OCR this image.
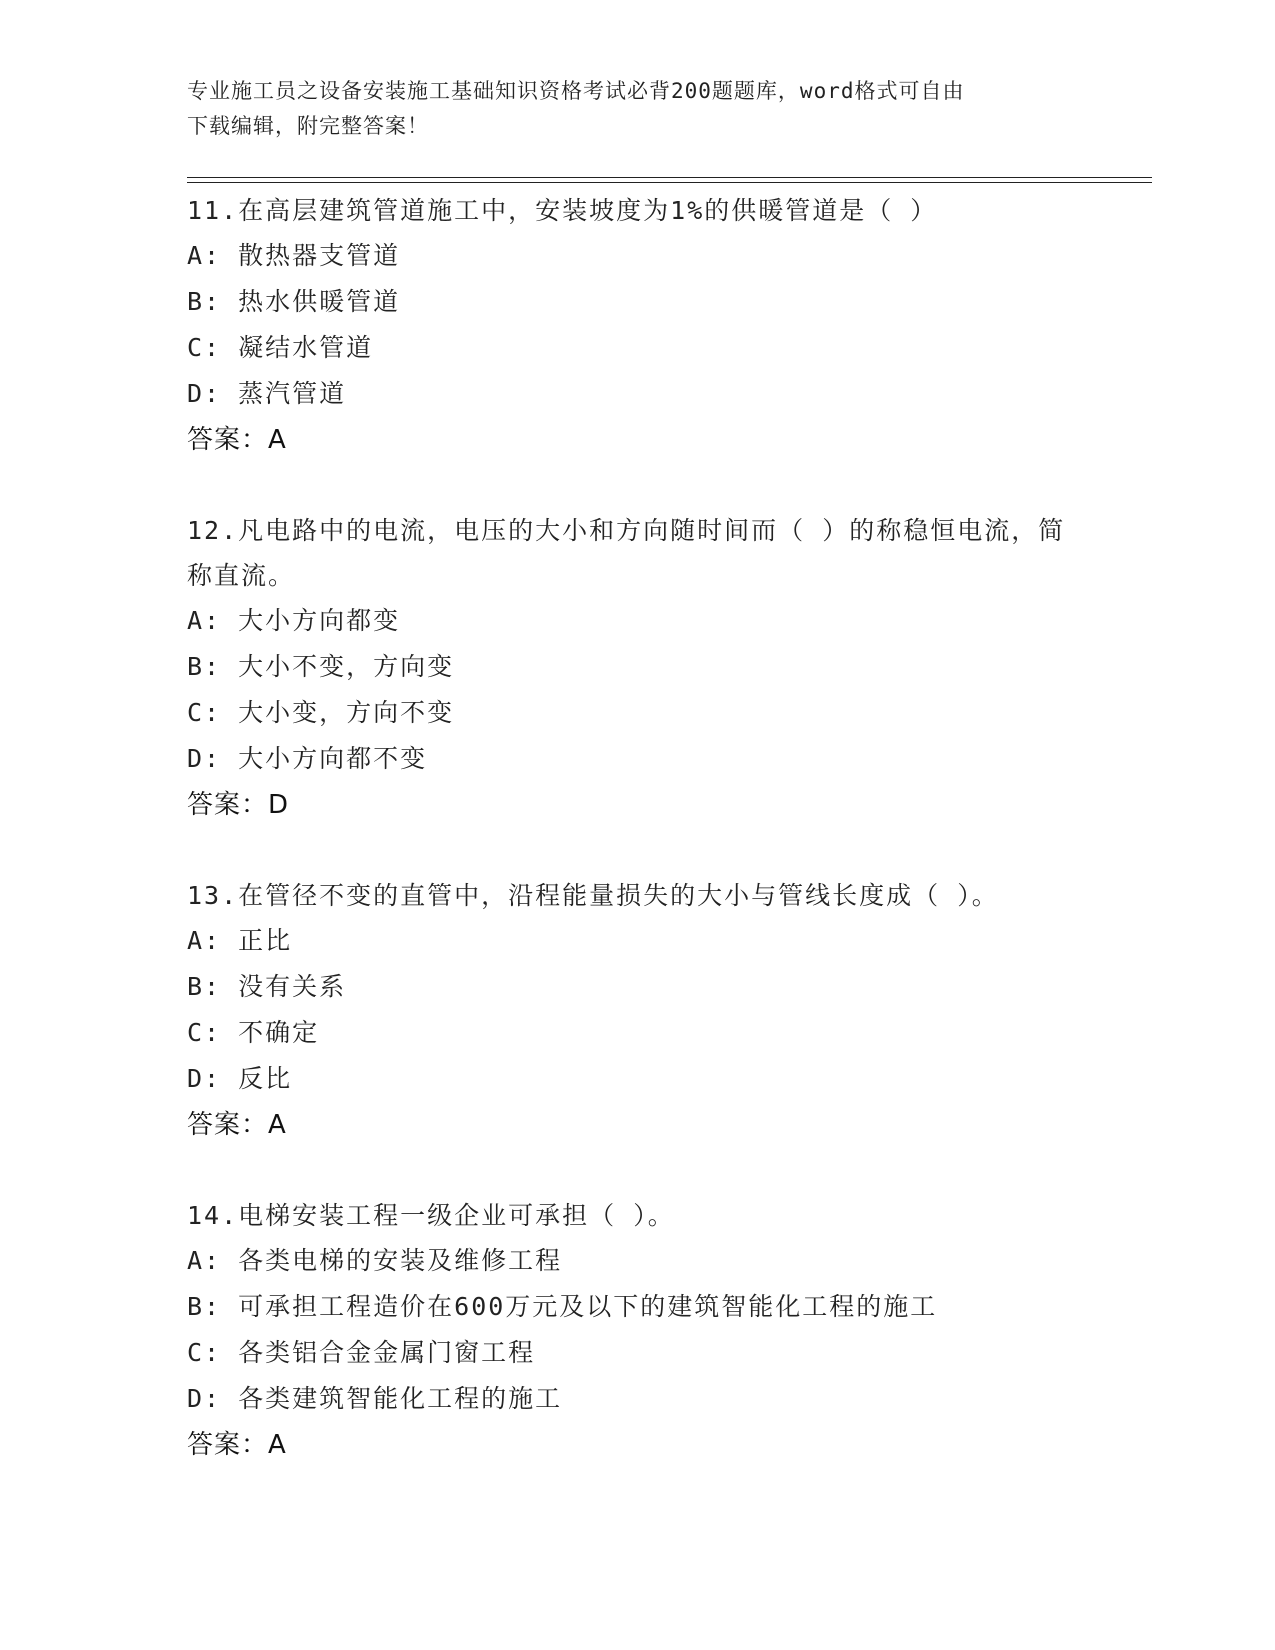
专业施工员之设备安装施工基础知识资格考试必背200题题库，word格式可自由
下载编辑，附完整答案！

11.在高层建筑管道施工中，安装坡度为1%的供暖管道是（ ）

A: 散热器支管道

B: 热水供暖管道

C: 凝结水管道

D: 蒸汽管道

答案：A

12.凡电路中的电流，电压的大小和方向随时间而（ ）的称稳恒电流，简称直流。

A: 大小方向都变

B: 大小不变，方向变

C: 大小变，方向不变

D: 大小方向都不变

答案：D

13.在管径不变的直管中，沿程能量损失的大小与管线长度成（ ）。

A: 正比

B: 没有关系

C: 不确定

D: 反比

答案：A

14.电梯安装工程一级企业可承担（ ）。

A: 各类电梯的安装及维修工程

B: 可承担工程造价在600万元及以下的建筑智能化工程的施工

C: 各类铝合金金属门窗工程

D: 各类建筑智能化工程的施工

答案：A
